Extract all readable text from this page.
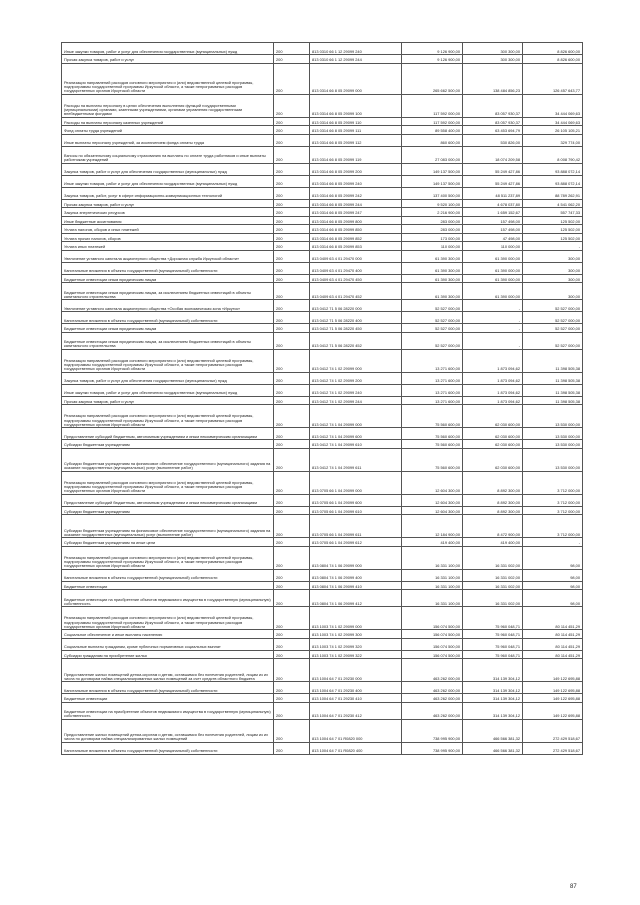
Иные закупки товаров, работ и услуг для обеспечения государственных (муниципальных) нужд	200	813 0310 66 1 12 29099 240	9 126 900,00	300 300,00	8 826 600,00
Прочая закупка товаров, работ и услуг	200	813 0310 66 1 12 29099 244	9 126 900,00	300 300,00	8 826 600,00
Реализация направлений расходов основного мероприятия и (или) ведомственной целевой программы, подпрограммы государственной программы Иркутской области, а также непрограммных расходов государственных органов Иркутской области	200	813 0314 66 8 05 29099 000	265 662 500,00	138 484 856,23	126 457 643,77
Расходы на выплаты персоналу в целях обеспечения выполнения функций государственными (муниципальными) органами, казенными учреждениями, органами управления государственными внебюджетными фондами	200	813 0314 66 8 05 29099 100	117 592 000,00	83 057 930,37	34 444 069,63
Расходы на выплаты персоналу казенных учреждений	200	813 0314 66 8 05 29099 110	117 592 000,00	83 057 930,37	34 444 069,63
Фонд оплаты труда учреждений	200	813 0314 66 8 05 29099 111	89 558 400,00	63 453 694,79	26 105 105,21
Иные выплаты персоналу учреждений, за исключением фонда оплаты труда	200	813 0314 66 8 05 29099 112	860 600,00	530 826,00	329 774,00
Взносы по обязательному социальному страхованию на выплаты по оплате труда работников и иные выплаты работникам учреждений	200	813 0314 66 8 05 29099 119	27 083 000,00	18 074 209,58	8 008 790,42
Закупка товаров, работ и услуг для обеспечения государственных (муниципальных) нужд	200	813 0314 66 8 05 29099 200	149 137 500,00	55 249 427,86	93 888 072,14
Иные закупки товаров, работ и услуг для обеспечения государственных (муниципальных) нужд	200	813 0314 66 8 05 29099 240	149 137 500,00	55 249 427,86	93 888 072,14
Закупка товаров, работ, услуг в сфере информационно-коммуникационных технологий	200	813 0314 66 8 05 29099 242	137 400 500,00	48 511 237,89	88 789 262,91
Прочая закупка товаров, работ и услуг	200	813 0314 66 8 05 29099 244	9 520 100,00	4 678 037,80	4 541 062,20
Закупка энергетических ресурсов	200	813 0314 66 8 05 29099 247	2 216 900,00	1 659 152,67	557 747,33
Иные бюджетные ассигнования	200	813 0314 66 8 05 29099 800	283 000,00	157 498,00	125 502,00
Уплата налогов, сборов и иных платежей	200	813 0314 66 8 05 29099 850	283 000,00	157 498,00	125 502,00
Уплата прочих налогов, сборов	200	813 0314 66 8 05 29099 852	173 000,00	47 498,00	125 502,00
Уплата иных платежей	200	813 0314 66 8 05 29099 853	110 000,00	110 000,00	-
Увеличение уставного капитала акционерного общества «Дорожная служба Иркутской области»	200	813 0409 63 4 01 29470 000	61 390 300,00	61 390 000,00	300,00
Капитальные вложения в объекты государственной (муниципальной) собственности	200	813 0409 63 4 01 29470 400	61 390 300,00	61 390 000,00	300,00
Бюджетные инвестиции иным юридическим лицам	200	813 0409 63 4 01 29470 450	61 390 300,00	61 390 000,00	300,00
Бюджетные инвестиции иным юридическим лицам, за исключением бюджетных инвестиций в объекты капитального строительства	200	813 0409 63 4 01 29470 452	61 390 300,00	61 390 000,00	300,00
Увеличение уставного капитала акционерного общества «Особая экономическая зона «Иркутск»	200	813 0412 71 5 06 28220 000	52 527 000,00	-	52 527 000,00
Капитальные вложения в объекты государственной (муниципальной) собственности	200	813 0412 71 5 06 28220 400	52 527 000,00	-	52 527 000,00
Бюджетные инвестиции иным юридическим лицам	200	813 0412 71 5 06 28220 450	52 527 000,00	-	52 527 000,00
Бюджетные инвестиции иным юридическим лицам, за исключением бюджетных инвестиций в объекты капитального строительства	200	813 0412 71 5 06 28220 452	52 527 000,00	-	52 527 000,00
Реализация направлений расходов основного мероприятия и (или) ведомственной целевой программы, подпрограммы государственной программы Иркутской области, а также непрограммных расходов государственных органов Иркутской области	200	813 0412 74 1 02 29099 000	13 271 600,00	1 873 094,62	11 398 505,38
Закупка товаров, работ и услуг для обеспечения государственных (муниципальных) нужд	200	813 0412 74 1 02 29099 200	13 271 600,00	1 873 094,62	11 398 505,38
Иные закупки товаров, работ и услуг для обеспечения государственных (муниципальных) нужд	200	813 0412 74 1 02 29099 240	13 271 600,00	1 873 094,62	11 398 505,38
Прочая закупка товаров, работ и услуг	200	813 0412 74 1 02 29099 244	13 271 600,00	1 873 094,62	11 398 505,38
Реализация направлений расходов основного мероприятия и (или) ведомственной целевой программы, подпрограммы государственной программы Иркутской области, а также непрограммных расходов государственных органов Иркутской области	200	813 0412 74 1 04 29099 000	75 560 600,00	62 030 600,00	13 530 000,00
Предоставление субсидий бюджетным, автономным учреждениям и иным некоммерческим организациям	200	813 0412 74 1 04 29099 600	75 560 600,00	62 030 600,00	13 530 000,00
Субсидии бюджетным учреждениям	200	813 0412 74 1 04 29099 610	75 560 600,00	62 030 600,00	13 530 000,00
Субсидии бюджетным учреждениям на финансовое обеспечение государственного (муниципального) задания на оказание государственных (муниципальных) услуг (выполнение работ)	200	813 0412 74 1 04 29099 611	75 560 600,00	62 030 600,00	13 530 000,00
Реализация направлений расходов основного мероприятия и (или) ведомственной целевой программы, подпрограммы государственной программы Иркутской области, а также непрограммных расходов государственных органов Иркутской области	200	813 0705 66 1 04 29099 000	12 604 300,00	8 892 300,00	3 712 000,00
Предоставление субсидий бюджетным, автономным учреждениям и иным некоммерческим организациям	200	813 0705 66 1 04 29099 600	12 604 300,00	8 892 300,00	3 712 000,00
Субсидии бюджетным учреждениям	200	813 0705 66 1 04 29099 610	12 604 300,00	8 892 300,00	3 712 000,00
Субсидии бюджетным учреждениям на финансовое обеспечение государственного (муниципального) задания на оказание государственных (муниципальных) услуг (выполнение работ)	200	813 0705 66 1 04 29099 611	12 184 900,00	8 472 900,00	3 712 000,00
Субсидии бюджетным учреждениям на иные цели	200	813 0705 66 1 04 29099 612	419 400,00	419 400,00	-
Реализация направлений расходов основного мероприятия и (или) ведомственной целевой программы, подпрограммы государственной программы Иркутской области, а также непрограммных расходов государственных органов Иркутской области	200	813 0804 74 1 06 29099 000	16 331 100,00	16 331 002,00	98,00
Капитальные вложения в объекты государственной (муниципальной) собственности	200	813 0804 74 1 06 29099 400	16 331 100,00	16 331 002,00	98,00
Бюджетные инвестиции	200	813 0804 74 1 06 29099 410	16 331 100,00	16 331 002,00	98,00
Бюджетные инвестиции на приобретение объектов недвижимого имущества в государственную (муниципальную) собственность	200	813 0804 74 1 06 29099 412	16 331 100,00	16 331 002,00	98,00
Реализация направлений расходов основного мероприятия и (или) ведомственной целевой программы, подпрограммы государственной программы Иркутской области, а также непрограммных расходов государственных органов Иркутской области	200	813 1003 74 1 02 29099 000	156 074 500,00	75 960 048,71	80 114 451,29
Социальное обеспечение и иные выплаты населению	200	813 1003 74 1 02 29099 300	156 074 500,00	75 960 048,71	80 114 451,29
Социальные выплаты гражданам, кроме публичных нормативных социальных выплат	200	813 1003 74 1 02 29099 320	156 074 500,00	75 960 048,71	80 114 451,29
Субсидии гражданам на приобретение жилья	200	813 1003 74 1 02 29099 322	156 074 500,00	75 960 048,71	80 114 451,29
Предоставление жилых помещений детям-сиротам и детям, оставшимся без попечения родителей, лицам из их числа по договорам найма специализированных жилых помещений за счет средств областного бюджета	200	813 1004 64 7 01 29230 000	463 262 000,00	314 139 304,12	149 122 695,88
Капитальные вложения в объекты государственной (муниципальной) собственности	200	813 1004 64 7 01 29230 400	463 262 000,00	314 139 304,12	149 122 695,88
Бюджетные инвестиции	200	813 1004 64 7 01 29230 410	463 262 000,00	314 139 304,12	149 122 695,88
Бюджетные инвестиции на приобретение объектов недвижимого имущества в государственную (муниципальную) собственность	200	813 1004 64 7 01 29230 412	463 262 000,00	314 139 304,12	149 122 695,88
Предоставление жилых помещений детям-сиротам и детям, оставшимся без попечения родителей, лицам из их числа по договорам найма специализированных жилых помещений	200	813 1004 64 7 01 R0820 000	738 995 900,00	466 566 381,32	272 429 518,67
Капитальные вложения в объекты государственной (муниципальной) собственности	200	813 1004 64 7 01 R0820 400	738 995 900,00	466 566 381,32	272 429 518,67
87
